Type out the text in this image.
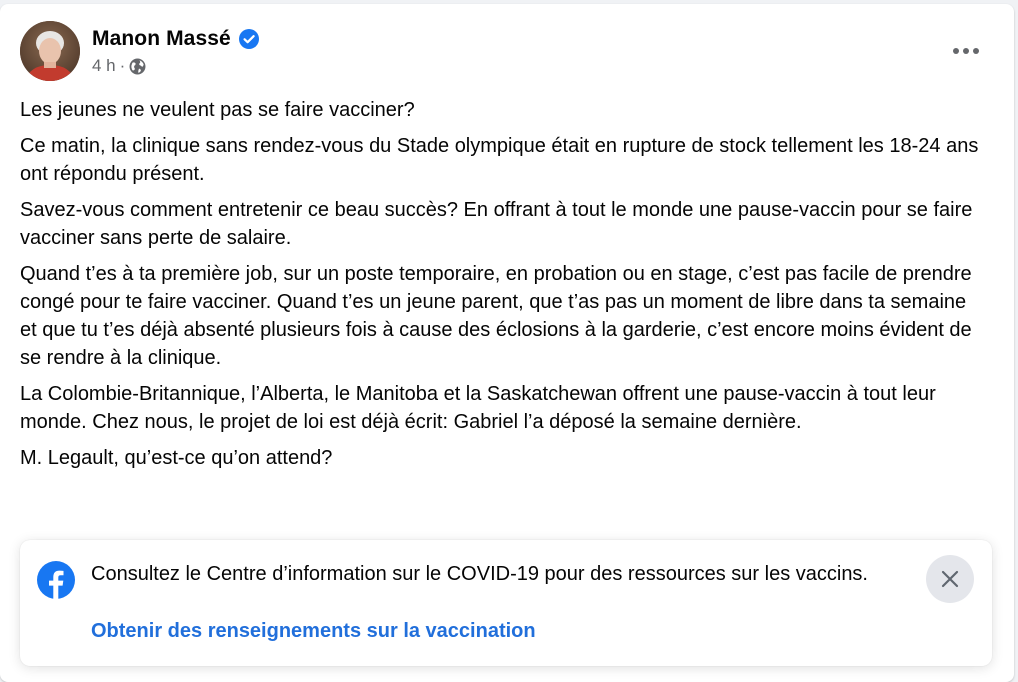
Manon Massé
4 h ·

Les jeunes ne veulent pas se faire vacciner?

Ce matin, la clinique sans rendez-vous du Stade olympique était en rupture de stock tellement les 18-24 ans ont répondu présent.

Savez-vous comment entretenir ce beau succès? En offrant à tout le monde une pause-vaccin pour se faire vacciner sans perte de salaire.

Quand t’es à ta première job, sur un poste temporaire, en probation ou en stage, c’est pas facile de prendre congé pour te faire vacciner. Quand t’es un jeune parent, que t’as pas un moment de libre dans ta semaine et que tu t’es déjà absenté plusieurs fois à cause des éclosions à la garderie, c’est encore moins évident de se rendre à la clinique.

La Colombie-Britannique, l’Alberta, le Manitoba et la Saskatchewan offrent une pause-vaccin à tout leur monde. Chez nous, le projet de loi est déjà écrit: Gabriel l’a déposé la semaine dernière.

M. Legault, qu’est-ce qu’on attend?

Consultez le Centre d’information sur le COVID-19 pour des ressources sur les vaccins.
Obtenir des renseignements sur la vaccination
